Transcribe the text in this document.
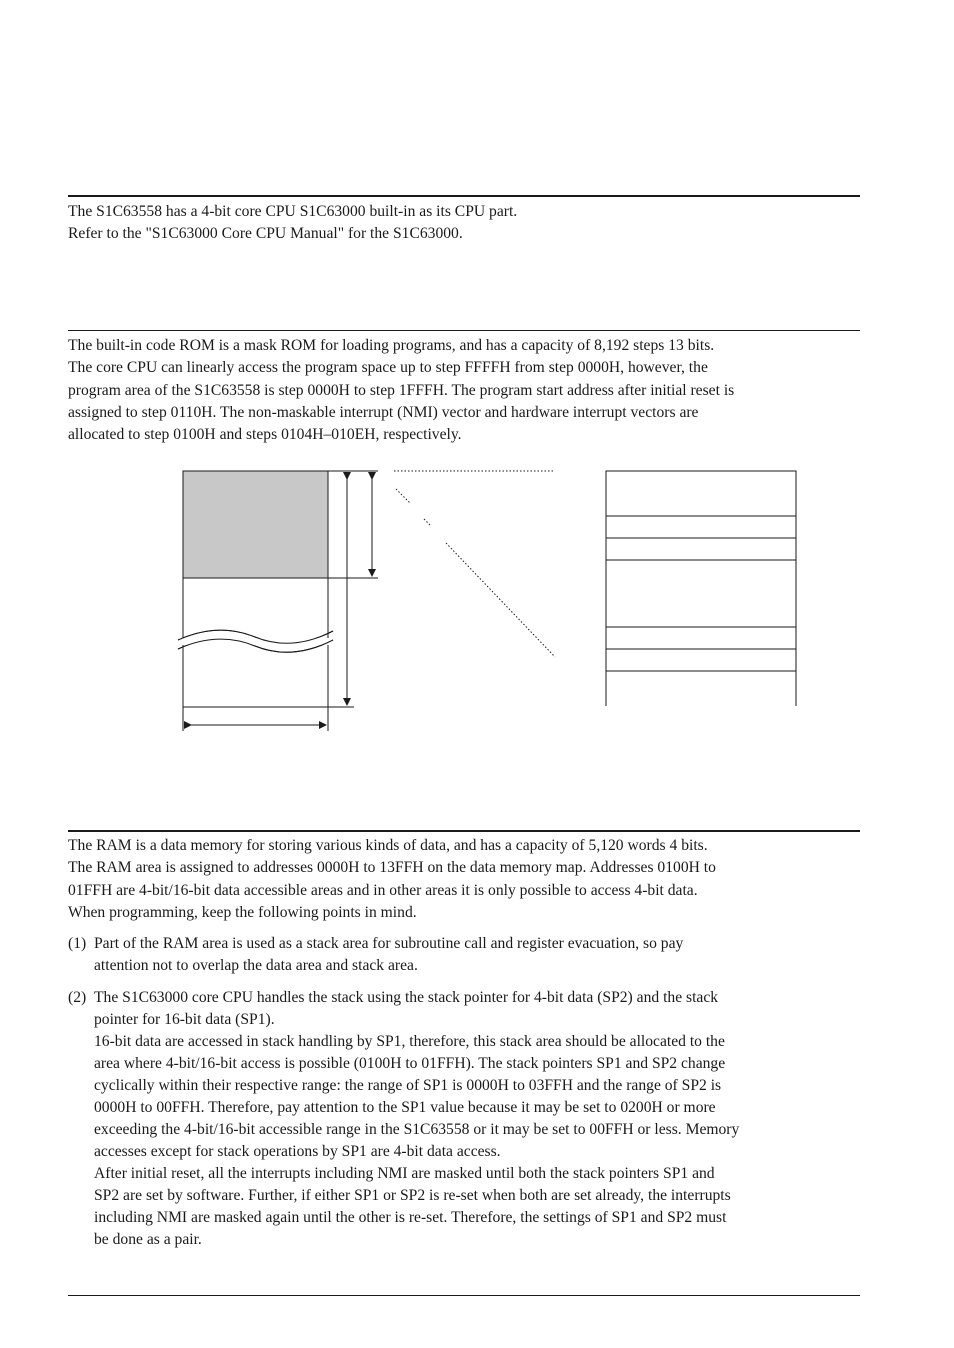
The S1C63558 has a 4-bit core CPU S1C63000 built-in as its CPU part.
Refer to the "S1C63000 Core CPU Manual" for the S1C63000.
The built-in code ROM is a mask ROM for loading programs, and has a capacity of 8,192 steps 13 bits.
The core CPU can linearly access the program space up to step FFFFH from step 0000H, however, the
program area of the S1C63558 is step 0000H to step 1FFFH. The program start address after initial reset is
assigned to step 0110H. The non-maskable interrupt (NMI) vector and hardware interrupt vectors are
allocated to step 0100H and steps 0104H–010EH, respectively.
The RAM is a data memory for storing various kinds of data, and has a capacity of 5,120 words 4 bits.
The RAM area is assigned to addresses 0000H to 13FFH on the data memory map. Addresses 0100H to
01FFH are 4-bit/16-bit data accessible areas and in other areas it is only possible to access 4-bit data.
When programming, keep the following points in mind.
(1) Part of the RAM area is used as a stack area for subroutine call and register evacuation, so pay
attention not to overlap the data area and stack area.
(2) The S1C63000 core CPU handles the stack using the stack pointer for 4-bit data (SP2) and the stack
pointer for 16-bit data (SP1).
16-bit data are accessed in stack handling by SP1, therefore, this stack area should be allocated to the
area where 4-bit/16-bit access is possible (0100H to 01FFH). The stack pointers SP1 and SP2 change
cyclically within their respective range: the range of SP1 is 0000H to 03FFH and the range of SP2 is
0000H to 00FFH. Therefore, pay attention to the SP1 value because it may be set to 0200H or more
exceeding the 4-bit/16-bit accessible range in the S1C63558 or it may be set to 00FFH or less. Memory
accesses except for stack operations by SP1 are 4-bit data access.
After initial reset, all the interrupts including NMI are masked until both the stack pointers SP1 and
SP2 are set by software. Further, if either SP1 or SP2 is re-set when both are set already, the interrupts
including NMI are masked again until the other is re-set. Therefore, the settings of SP1 and SP2 must
be done as a pair.
